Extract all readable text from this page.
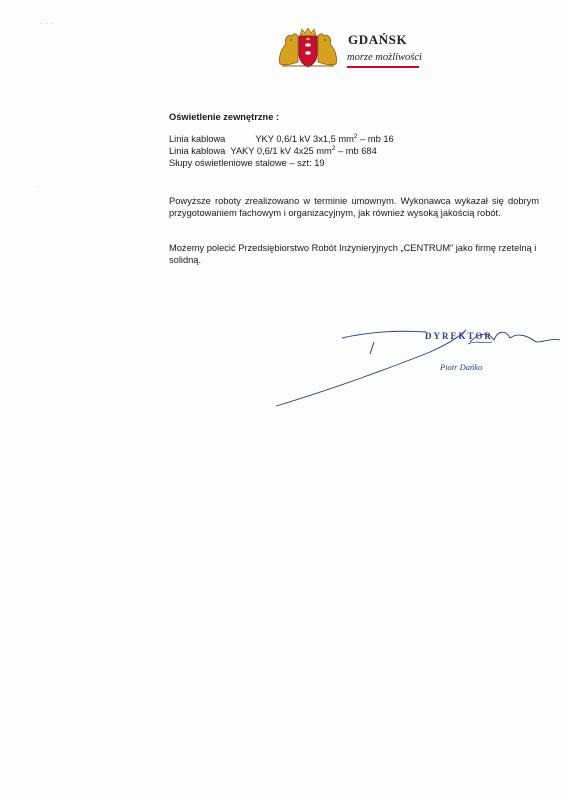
· · ·
·
GDAŃSK
morze możliwości
Oświetlenie zewnętrzne :
Linia kablowa	YKY 0,6/1 kV 3x1,5 $mm^2$ – mb 16
Linia kablowa YAKY 0,6/1 kV 4x25 $mm^2$ – mb 684
Słupy oświetleniowe stalowe – szt: 19
Powyższe roboty zrealizowano w terminie umownym. Wykonawca wykazał się dobrym przygotowaniem fachowym i organizacyjnym, jak również wysoką jakością robót.
Możemy polecić Przedsiębiorstwo Robót Inżynieryjnych „CENTRUM” jako firmę rzetelną i solidną.
DYREKTOR
Piotr Dańko
